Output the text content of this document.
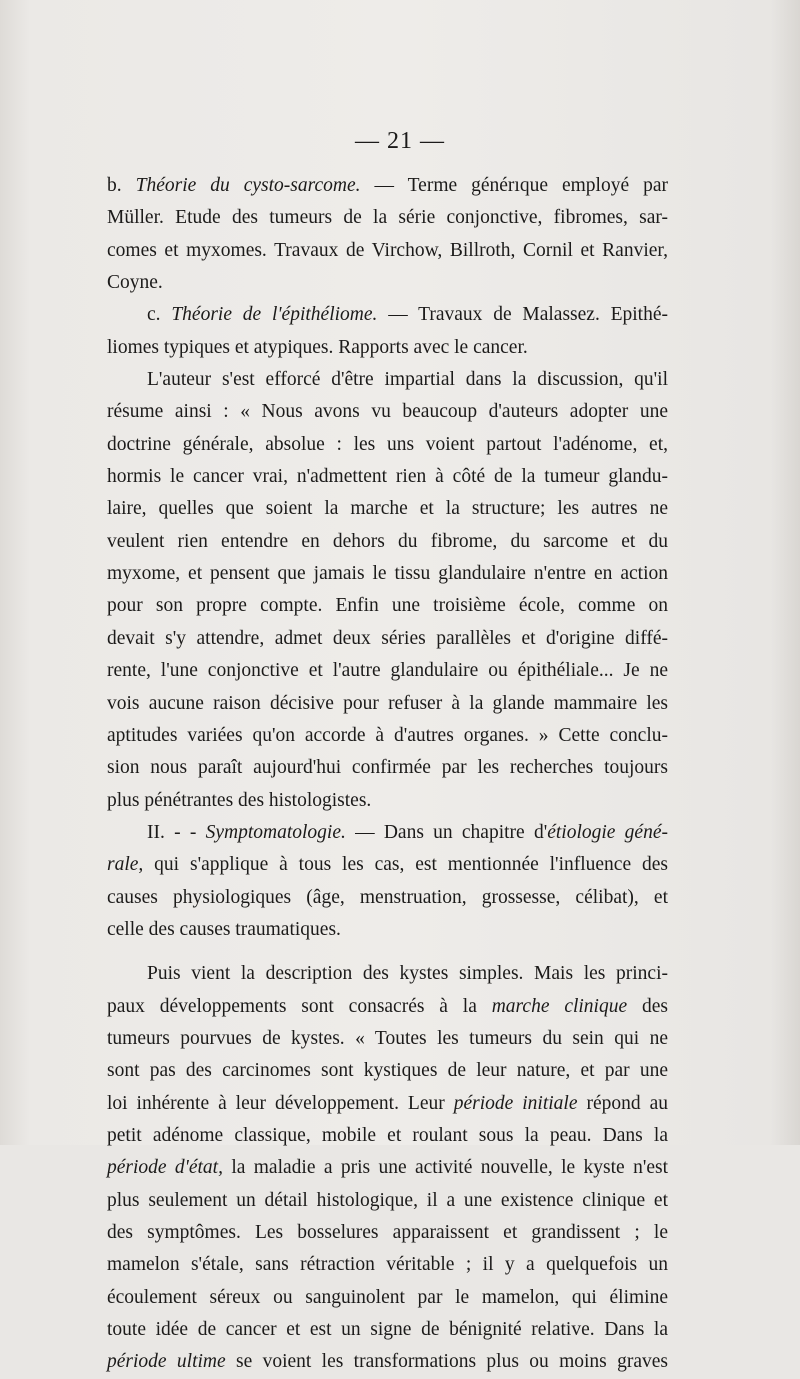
— 21 —
b. Théorie du cysto-sarcome. — Terme générıque employé par
Müller. Etude des tumeurs de la série conjonctive, fibromes, sar-
comes et myxomes. Travaux de Virchow, Billroth, Cornil et Ranvier,
Coyne.
c. Théorie de l'épithéliome. — Travaux de Malassez. Epithé-
liomes typiques et atypiques. Rapports avec le cancer.
L'auteur s'est efforcé d'être impartial dans la discussion, qu'il
résume ainsi : « Nous avons vu beaucoup d'auteurs adopter une
doctrine générale, absolue : les uns voient partout l'adénome, et,
hormis le cancer vrai, n'admettent rien à côté de la tumeur glandu-
laire, quelles que soient la marche et la structure; les autres ne
veulent rien entendre en dehors du fibrome, du sarcome et du
myxome, et pensent que jamais le tissu glandulaire n'entre en action
pour son propre compte. Enfin une troisième école, comme on
devait s'y attendre, admet deux séries parallèles et d'origine diffé-
rente, l'une conjonctive et l'autre glandulaire ou épithéliale... Je ne
vois aucune raison décisive pour refuser à la glande mammaire les
aptitudes variées qu'on accorde à d'autres organes. » Cette conclu-
sion nous paraît aujourd'hui confirmée par les recherches toujours
plus pénétrantes des histologistes.
II. - - Symptomatologie. — Dans un chapitre d'étiologie géné-
rale, qui s'applique à tous les cas, est mentionnée l'influence des
causes physiologiques (âge, menstruation, grossesse, célibat), et
celle des causes traumatiques.
Puis vient la description des kystes simples. Mais les princi-
paux développements sont consacrés à la marche clinique des
tumeurs pourvues de kystes. « Toutes les tumeurs du sein qui ne
sont pas des carcinomes sont kystiques de leur nature, et par une
loi inhérente à leur développement. Leur période initiale répond au
petit adénome classique, mobile et roulant sous la peau. Dans la
période d'état, la maladie a pris une activité nouvelle, le kyste n'est
plus seulement un détail histologique, il a une existence clinique et
des symptômes. Les bosselures apparaissent et grandissent ; le
mamelon s'étale, sans rétraction véritable ; il y a quelquefois un
écoulement séreux ou sanguinolent par le mamelon, qui élimine
toute idée de cancer et est un signe de bénignité relative. Dans la
période ultime se voient les transformations plus ou moins graves
